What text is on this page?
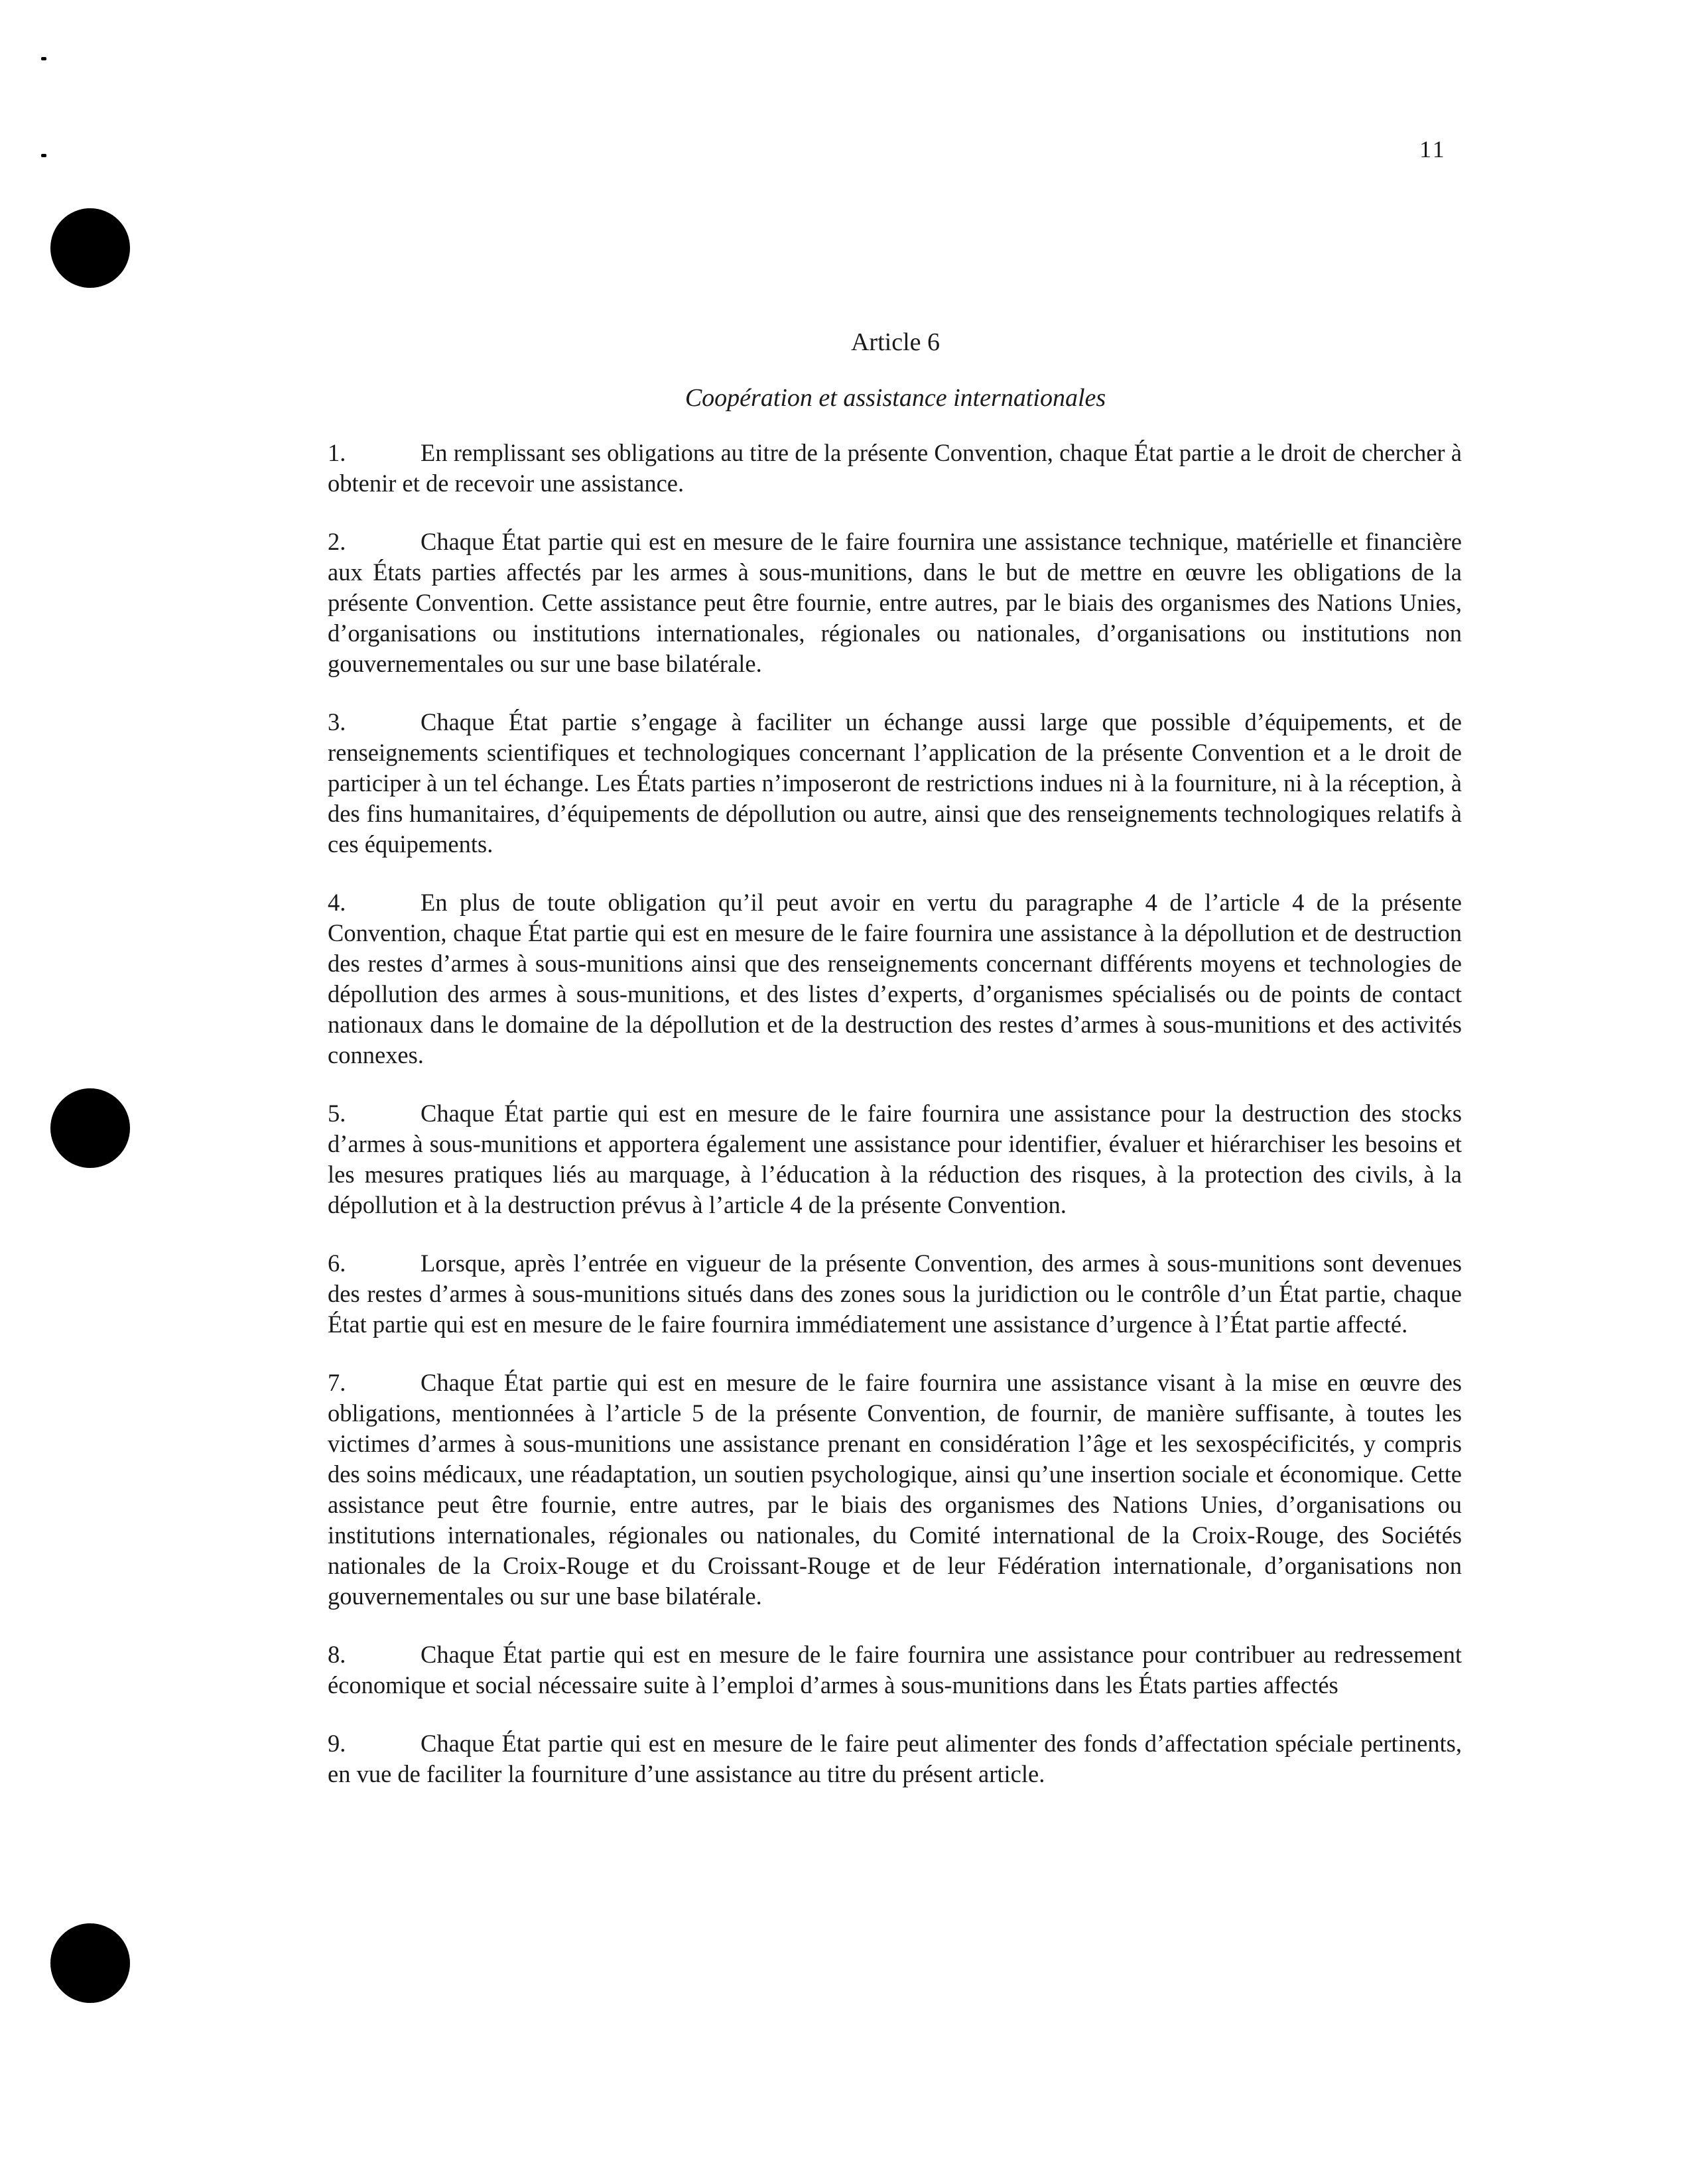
11
Article 6
Coopération et assistance internationales

1.	En remplissant ses obligations au titre de la présente Convention, chaque État partie a le droit de chercher à obtenir et de recevoir une assistance.

2.	Chaque État partie qui est en mesure de le faire fournira une assistance technique, matérielle et financière aux États parties affectés par les armes à sous-munitions, dans le but de mettre en œuvre les obligations de la présente Convention. Cette assistance peut être fournie, entre autres, par le biais des organismes des Nations Unies, d’organisations ou institutions internationales, régionales ou nationales, d’organisations ou institutions non gouvernementales ou sur une base bilatérale.

3.	Chaque État partie s’engage à faciliter un échange aussi large que possible d’équipements, et de renseignements scientifiques et technologiques concernant l’application de la présente Convention et a le droit de participer à un tel échange. Les États parties n’imposeront de restrictions indues ni à la fourniture, ni à la réception, à des fins humanitaires, d’équipements de dépollution ou autre, ainsi que des renseignements technologiques relatifs à ces équipements.

4.	En plus de toute obligation qu’il peut avoir en vertu du paragraphe 4 de l’article 4 de la présente Convention, chaque État partie qui est en mesure de le faire fournira une assistance à la dépollution et de destruction des restes d’armes à sous-munitions ainsi que des renseignements concernant différents moyens et technologies de dépollution des armes à sous-munitions, et des listes d’experts, d’organismes spécialisés ou de points de contact nationaux dans le domaine de la dépollution et de la destruction des restes d’armes à sous-munitions et des activités connexes.

5.	Chaque État partie qui est en mesure de le faire fournira une assistance pour la destruction des stocks d’armes à sous-munitions et apportera également une assistance pour identifier, évaluer et hiérarchiser les besoins et les mesures pratiques liés au marquage, à l’éducation à la réduction des risques, à la protection des civils, à la dépollution et à la destruction prévus à l’article 4 de la présente Convention.

6.	Lorsque, après l’entrée en vigueur de la présente Convention, des armes à sous-munitions sont devenues des restes d’armes à sous-munitions situés dans des zones sous la juridiction ou le contrôle d’un État partie, chaque État partie qui est en mesure de le faire fournira immédiatement une assistance d’urgence à l’État partie affecté.

7.	Chaque État partie qui est en mesure de le faire fournira une assistance visant à la mise en œuvre des obligations, mentionnées à l’article 5 de la présente Convention, de fournir, de manière suffisante, à toutes les victimes d’armes à sous-munitions une assistance prenant en considération l’âge et les sexospécificités, y compris des soins médicaux, une réadaptation, un soutien psychologique, ainsi qu’une insertion sociale et économique. Cette assistance peut être fournie, entre autres, par le biais des organismes des Nations Unies, d’organisations ou institutions internationales, régionales ou nationales, du Comité international de la Croix-Rouge, des Sociétés nationales de la Croix-Rouge et du Croissant-Rouge et de leur Fédération internationale, d’organisations non gouvernementales ou sur une base bilatérale.

8.	Chaque État partie qui est en mesure de le faire fournira une assistance pour contribuer au redressement économique et social nécessaire suite à l’emploi d’armes à sous-munitions dans les États parties affectés

9.	Chaque État partie qui est en mesure de le faire peut alimenter des fonds d’affectation spéciale pertinents, en vue de faciliter la fourniture d’une assistance au titre du présent article.
